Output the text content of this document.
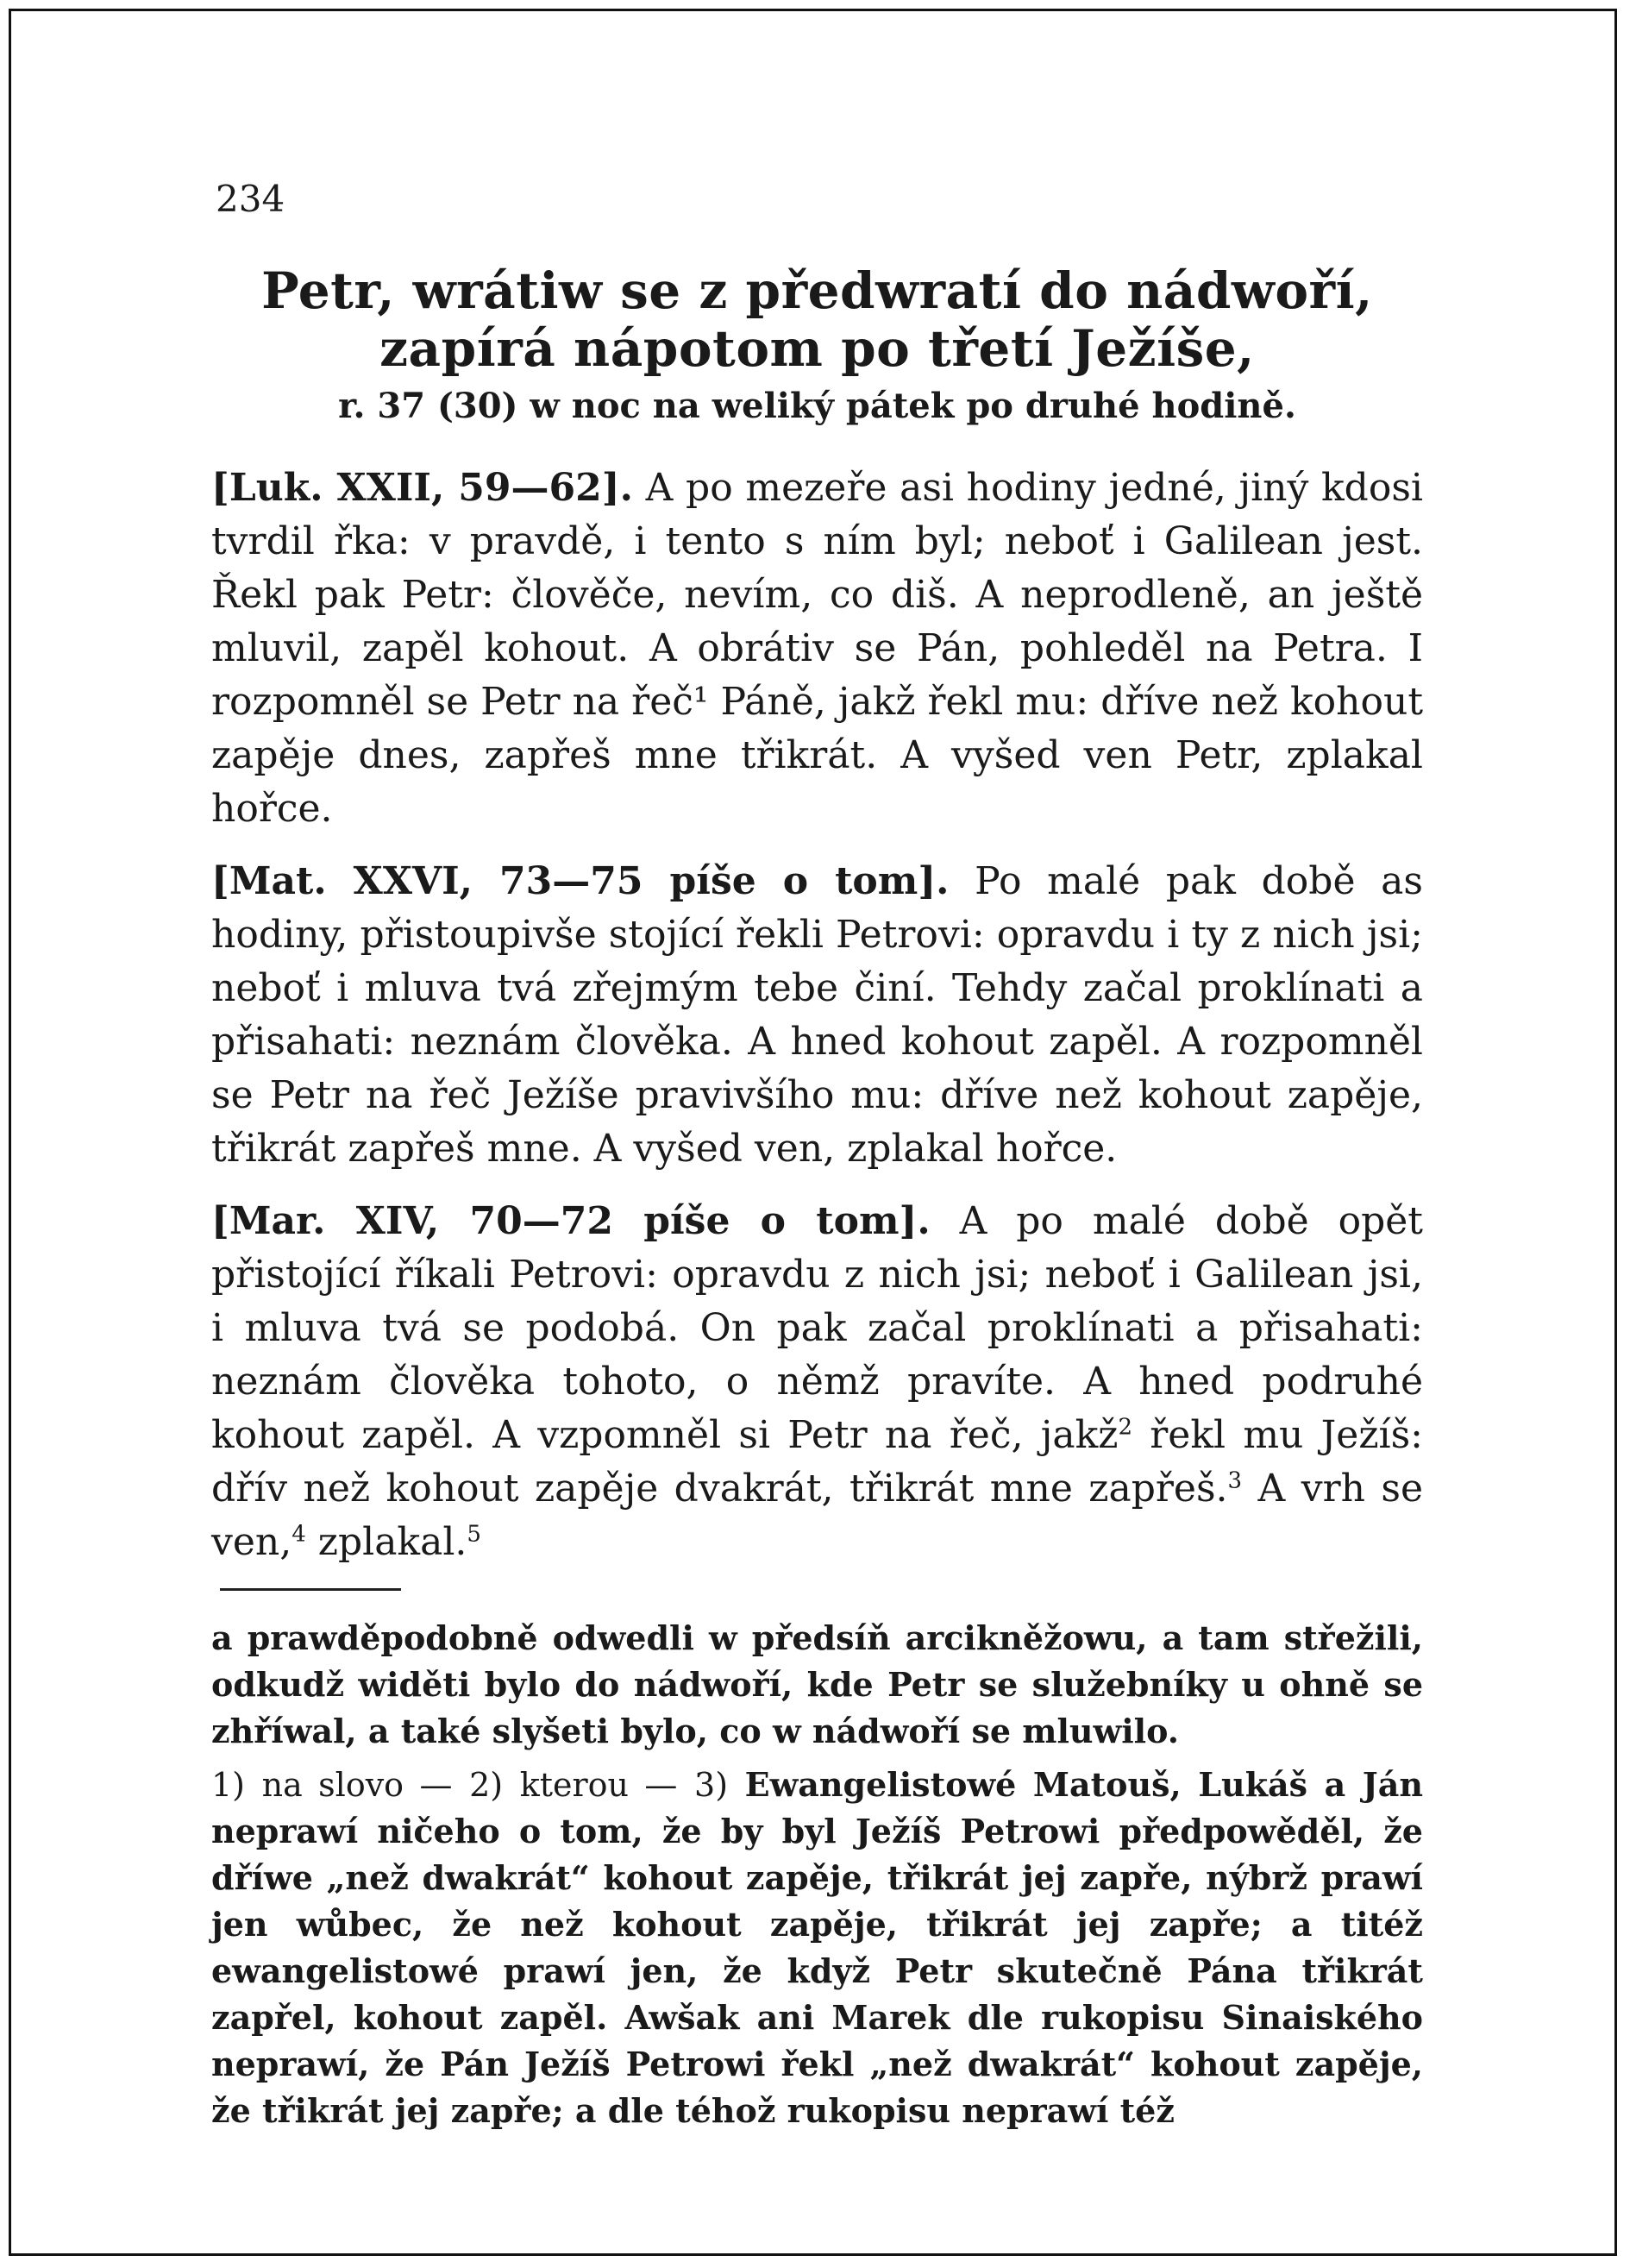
234
Petr, wrátiw se z předwratí do nádwoří, zapírá nápotom po třetí Ježíše,
r. 37 (30) w noc na weliký pátek po druhé hodině.

[Luk. XXII, 59—62]. A po mezeře asi hodiny jedné, jiný kdosi tvrdil řka: v pravdě, i tento s ním byl; neboť i Galilean jest. Řekl pak Petr: člověče, nevím, co diš. A neprodleně, an ještě mluvil, zapěl kohout. A obrátiv se Pán, pohleděl na Petra. I rozpomněl se Petr na řeč¹ Páně, jakž řekl mu: dříve než kohout zapěje dnes, zapřeš mne třikrát. A vyšed ven Petr, zplakal hořce.

[Mat. XXVI, 73—75 píše o tom]. Po malé pak době as hodiny, přistoupivše stojící řekli Petrovi: opravdu i ty z nich jsi; neboť i mluva tvá zřejmým tebe činí. Tehdy začal proklínati a přisahati: neznám člověka. A hned kohout zapěl. A rozpomněl se Petr na řeč Ježíše pravivšího mu: dříve než kohout zapěje, třikrát zapřeš mne. A vyšed ven, zplakal hořce.

[Mar. XIV, 70—72 píše o tom]. A po malé době opět přistojící říkali Petrovi: opravdu z nich jsi; neboť i Galilean jsi, i mluva tvá se podobá. On pak začal proklínati a přisahati: neznám člověka tohoto, o němž pravíte. A hned podruhé kohout zapěl. A vzpomněl si Petr na řeč, jakž$^2$ řekl mu Ježíš: dřív než kohout zapěje dvakrát, třikrát mne zapřeš.$^3$ A vrh se ven,$^4$ zplakal.$^5$

a prawděpodobně odwedli w předsíň arcikněžowu, a tam střežili, odkudž widěti bylo do nádwoří, kde Petr se služebníky u ohně se zhříwal, a také slyšeti bylo, co w nádwoří se mluwilo.
1) na slovo — 2) kterou — 3) Ewangelistowé Matouš, Lukáš a Ján neprawí ničeho o tom, že by byl Ježíš Petrowi předpowěděl, že dříwe „než dwakrát“ kohout zapěje, třikrát jej zapře, nýbrž prawí jen wůbec, že než kohout zapěje, třikrát jej zapře; a titéž ewangelistowé prawí jen, že když Petr skutečně Pána třikrát zapřel, kohout zapěl. Awšak ani Marek dle rukopisu Sinaiského neprawí, že Pán Ježíš Petrowi řekl „než dwakrát“ kohout zapěje, že třikrát jej zapře; a dle téhož rukopisu neprawí též
